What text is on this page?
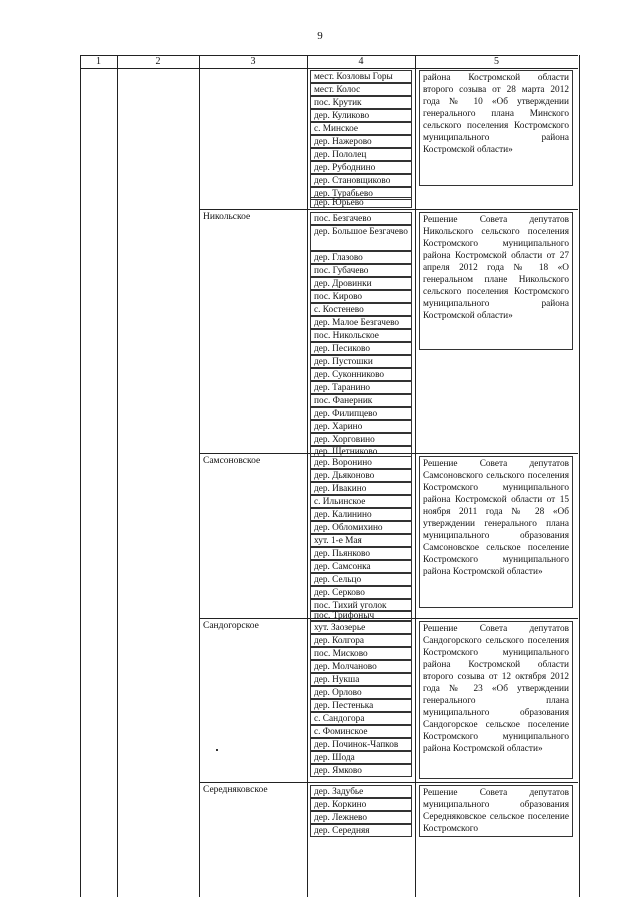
9
1	2	3	4	5
мест. Козловы Горы
мест. Колос
пос. Крутик
дер. Куликово
с. Минское
дер. Нажерово
дер. Пололец
дер. Рубоднино
дер. Становщиково
дер. Турабьево
дер. Юрьево
района Костромской области второго созыва от 28 марта 2012 года № 10 «Об утверждении генерального плана Минского сельского поселения Костромского муниципального района Костромской области»
Никольское	пос. Безгачево
дер. Большое Безгачево
дер. Глазово
пос. Губачево
дер. Дровинки
пос. Кирово
с. Костенево
дер. Малое Безгачево
пос. Никольское
дер. Песиково
дер. Пустошки
дер. Суконниково
дер. Таранино
пос. Фанерник
дер. Филипцево
дер. Харино
дер. Хорговино
дер. Щетниково
Решение Совета депутатов Никольского сельского поселения Костромского муниципального района Костромской области от 27 апреля 2012 года № 18 «О генеральном плане Никольского сельского поселения Костромского муниципального района Костромской области»
Самсоновское	дер. Воронино
дер. Дьяконово
дер. Ивакино
с. Ильинское
дер. Калинино
дер. Обломихино
хут. 1-е Мая
дер. Пьянково
дер. Самсонка
дер. Сельцо
дер. Серково
пос. Тихий уголок
пос. Трифоныч
Решение Совета депутатов Самсоновского сельского поселения Костромского муниципального района Костромской области от 15 ноября 2011 года № 28 «Об утверждении генерального плана муниципального образования Самсоновское сельское поселение Костромского муниципального района Костромской области»
Сандогорское	хут. Заозерье
дер. Колгора
пос. Мисково
дер. Молчаново
дер. Нукша
дер. Орлово
дер. Пестенька
с. Сандогора
с. Фоминское
дер. Починок-Чапков
дер. Шода
дер. Ямково
Решение Совета депутатов Сандогорского сельского поселения Костромского муниципального района Костромской области второго созыва от 12 октября 2012 года № 23 «Об утверждении генерального плана муниципального образования Сандогорское сельское поселение Костромского муниципального района Костромской области»
Середняковское	дер. Задубье
дер. Коркино
дер. Лежнево
дер. Середняя
Решение Совета депутатов муниципального образования Середняковское сельское поселение Костромского
